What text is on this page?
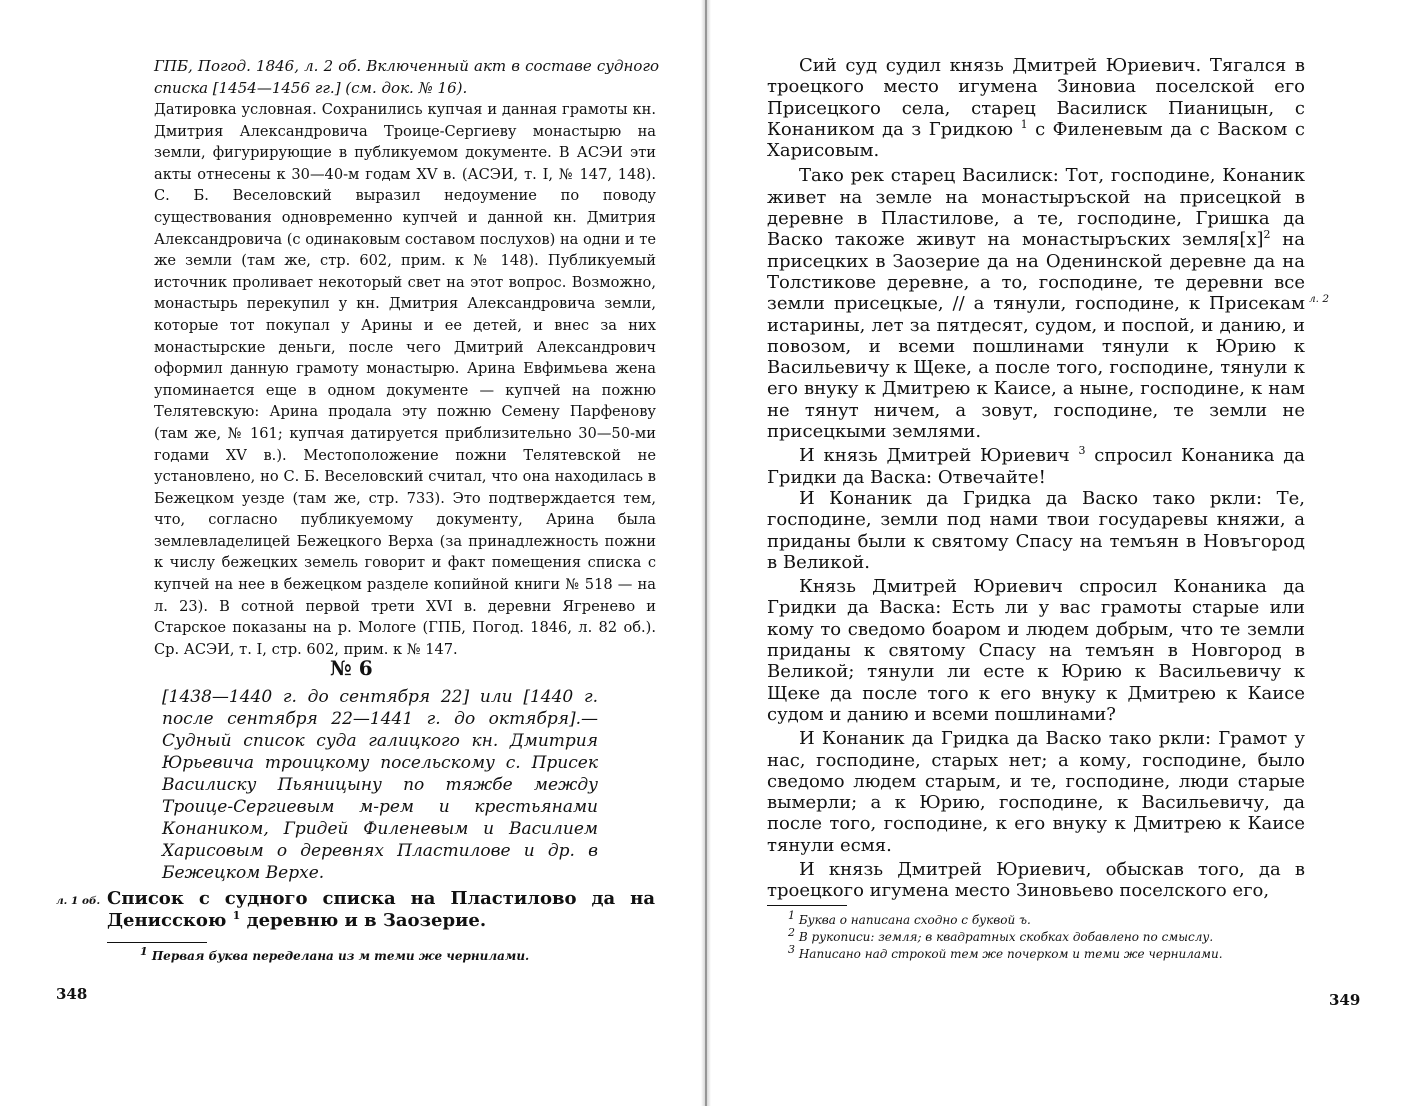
ГПБ, Погод. 1846, л. 2 об. Включенный акт в составе судного списка [1454—1456 гг.] (см. док. № 16).

Датировка условная. Сохранились купчая и данная грамоты кн. Дмитрия Александровича Троице-Сергиеву монастырю на земли, фигурирующие в публикуемом документе. В АСЭИ эти акты отнесены к 30—40-м годам XV в. (АСЭИ, т. I, № 147, 148). С. Б. Веселовский выразил недоумение по поводу существования одновременно купчей и данной кн. Дмитрия Александровича (с одинаковым составом послухов) на одни и те же земли (там же, стр. 602, прим. к № 148). Публикуемый источник проливает некоторый свет на этот вопрос. Возможно, монастырь перекупил у кн. Дмитрия Александровича земли, которые тот покупал у Арины и ее детей, и внес за них монастырские деньги, после чего Дмитрий Александрович оформил данную грамоту монастырю. Арина Евфимьева жена упоминается еще в одном документе — купчей на пожню Телятевскую: Арина продала эту пожню Семену Парфенову (там же, № 161; купчая датируется приблизительно 30—50-ми годами XV в.). Местоположение пожни Телятевской не установлено, но С. Б. Веселовский считал, что она находилась в Бежецком уезде (там же, стр. 733). Это подтверждается тем, что, согласно публикуемому документу, Арина была землевладелицей Бежецкого Верха (за принадлежность пожни к числу бежецких земель говорит и факт помещения списка с купчей на нее в бежецком разделе копийной книги № 518 — на л. 23). В сотной первой трети XVI в. деревни Ягренево и Старское показаны на р. Мологе (ГПБ, Погод. 1846, л. 82 об.). Ср. АСЭИ, т. I, стр. 602, прим. к № 147.

№ 6

[1438—1440 г. до сентября 22] или [1440 г. после сентября 22—1441 г. до октября].— Судный список суда галицкого кн. Дмитрия Юрьевича троицкому посельскому с. Присек Василиску Пьяницыну по тяжбе между Троице-Сергиевым м-рем и крестьянами Конаником, Гридей Филеневым и Василием Харисовым о деревнях Пластилове и др. в Бежецком Верхе.

л. 1 об. Список с судного списка на Пластилово да на Денисскою $^1$ деревню и в Заозерие.

$^1$ Первая буква переделана из м теми же чернилами.

348

Сий суд судил князь Дмитрей Юриевич. Тягался в троецкого место игумена Зиновиа поселской его Присецкого села, старец Василиск Пианицын, с Конаником да з Гридкою $^1$ с Филеневым да с Васком с Харисовым.

Тако рек старец Василиск: Тот, господине, Конаник живет на земле на монастыръской на присецкой в деревне в Пластилове, а те, господине, Гришка да Васко такоже живут на монастыръских $земля[х]^2$ на присецких в Заозерие да на Оденинской деревне да на Толстикове деревне, а то, господине, те деревни все земли присецкые, // а тянули, господине, к Присекам истарины, лет за пятдесят, судом, и поспой, и данию, и повозом, и всеми пошлинами тянули к Юрию к Васильевичу к Щеке, а после того, господине, тянули к его внуку к Дмитрею к Каисе, а ныне, господине, к нам не тянут ничем, а зовут, господине, те земли не присецкыми землями.

И князь Дмитрей Юриевич $^3$ спросил Конаника да Гридки да Васка: Отвечайте!

И Конаник да Гридка да Васко тако ркли: Те, господине, земли под нами твои государевы княжи, а приданы были к святому Спасу на темъян в Новъгород в Великой.

Князь Дмитрей Юриевич спросил Конаника да Гридки да Васка: Есть ли у вас грамоты старые или кому то сведомо боаром и людем добрым, что те земли приданы к святому Спасу на темъян в Новгород в Великой; тянули ли есте к Юрию к Васильевичу к Щеке да после того к его внуку к Дмитрею к Каисе судом и данию и всеми пошлинами?

И Конаник да Гридка да Васко тако ркли: Грамот у нас, господине, старых нет; а кому, господине, было сведомо людем старым, и те, господине, люди старые вымерли; а к Юрию, господине, к Васильевичу, да после того, господине, к его внуку к Дмитрею к Каисе тянули есмя.

И князь Дмитрей Юриевич, обыскав того, да в троецкого игумена место Зиновьево поселского его,

л. 2

$^1$ Буква о написана сходно с буквой ъ.

$^2$ В рукописи: земля; в квадратных скобках добавлено по смыслу.

$^3$ Написано над строкой тем же почерком и теми же чернилами.

349
